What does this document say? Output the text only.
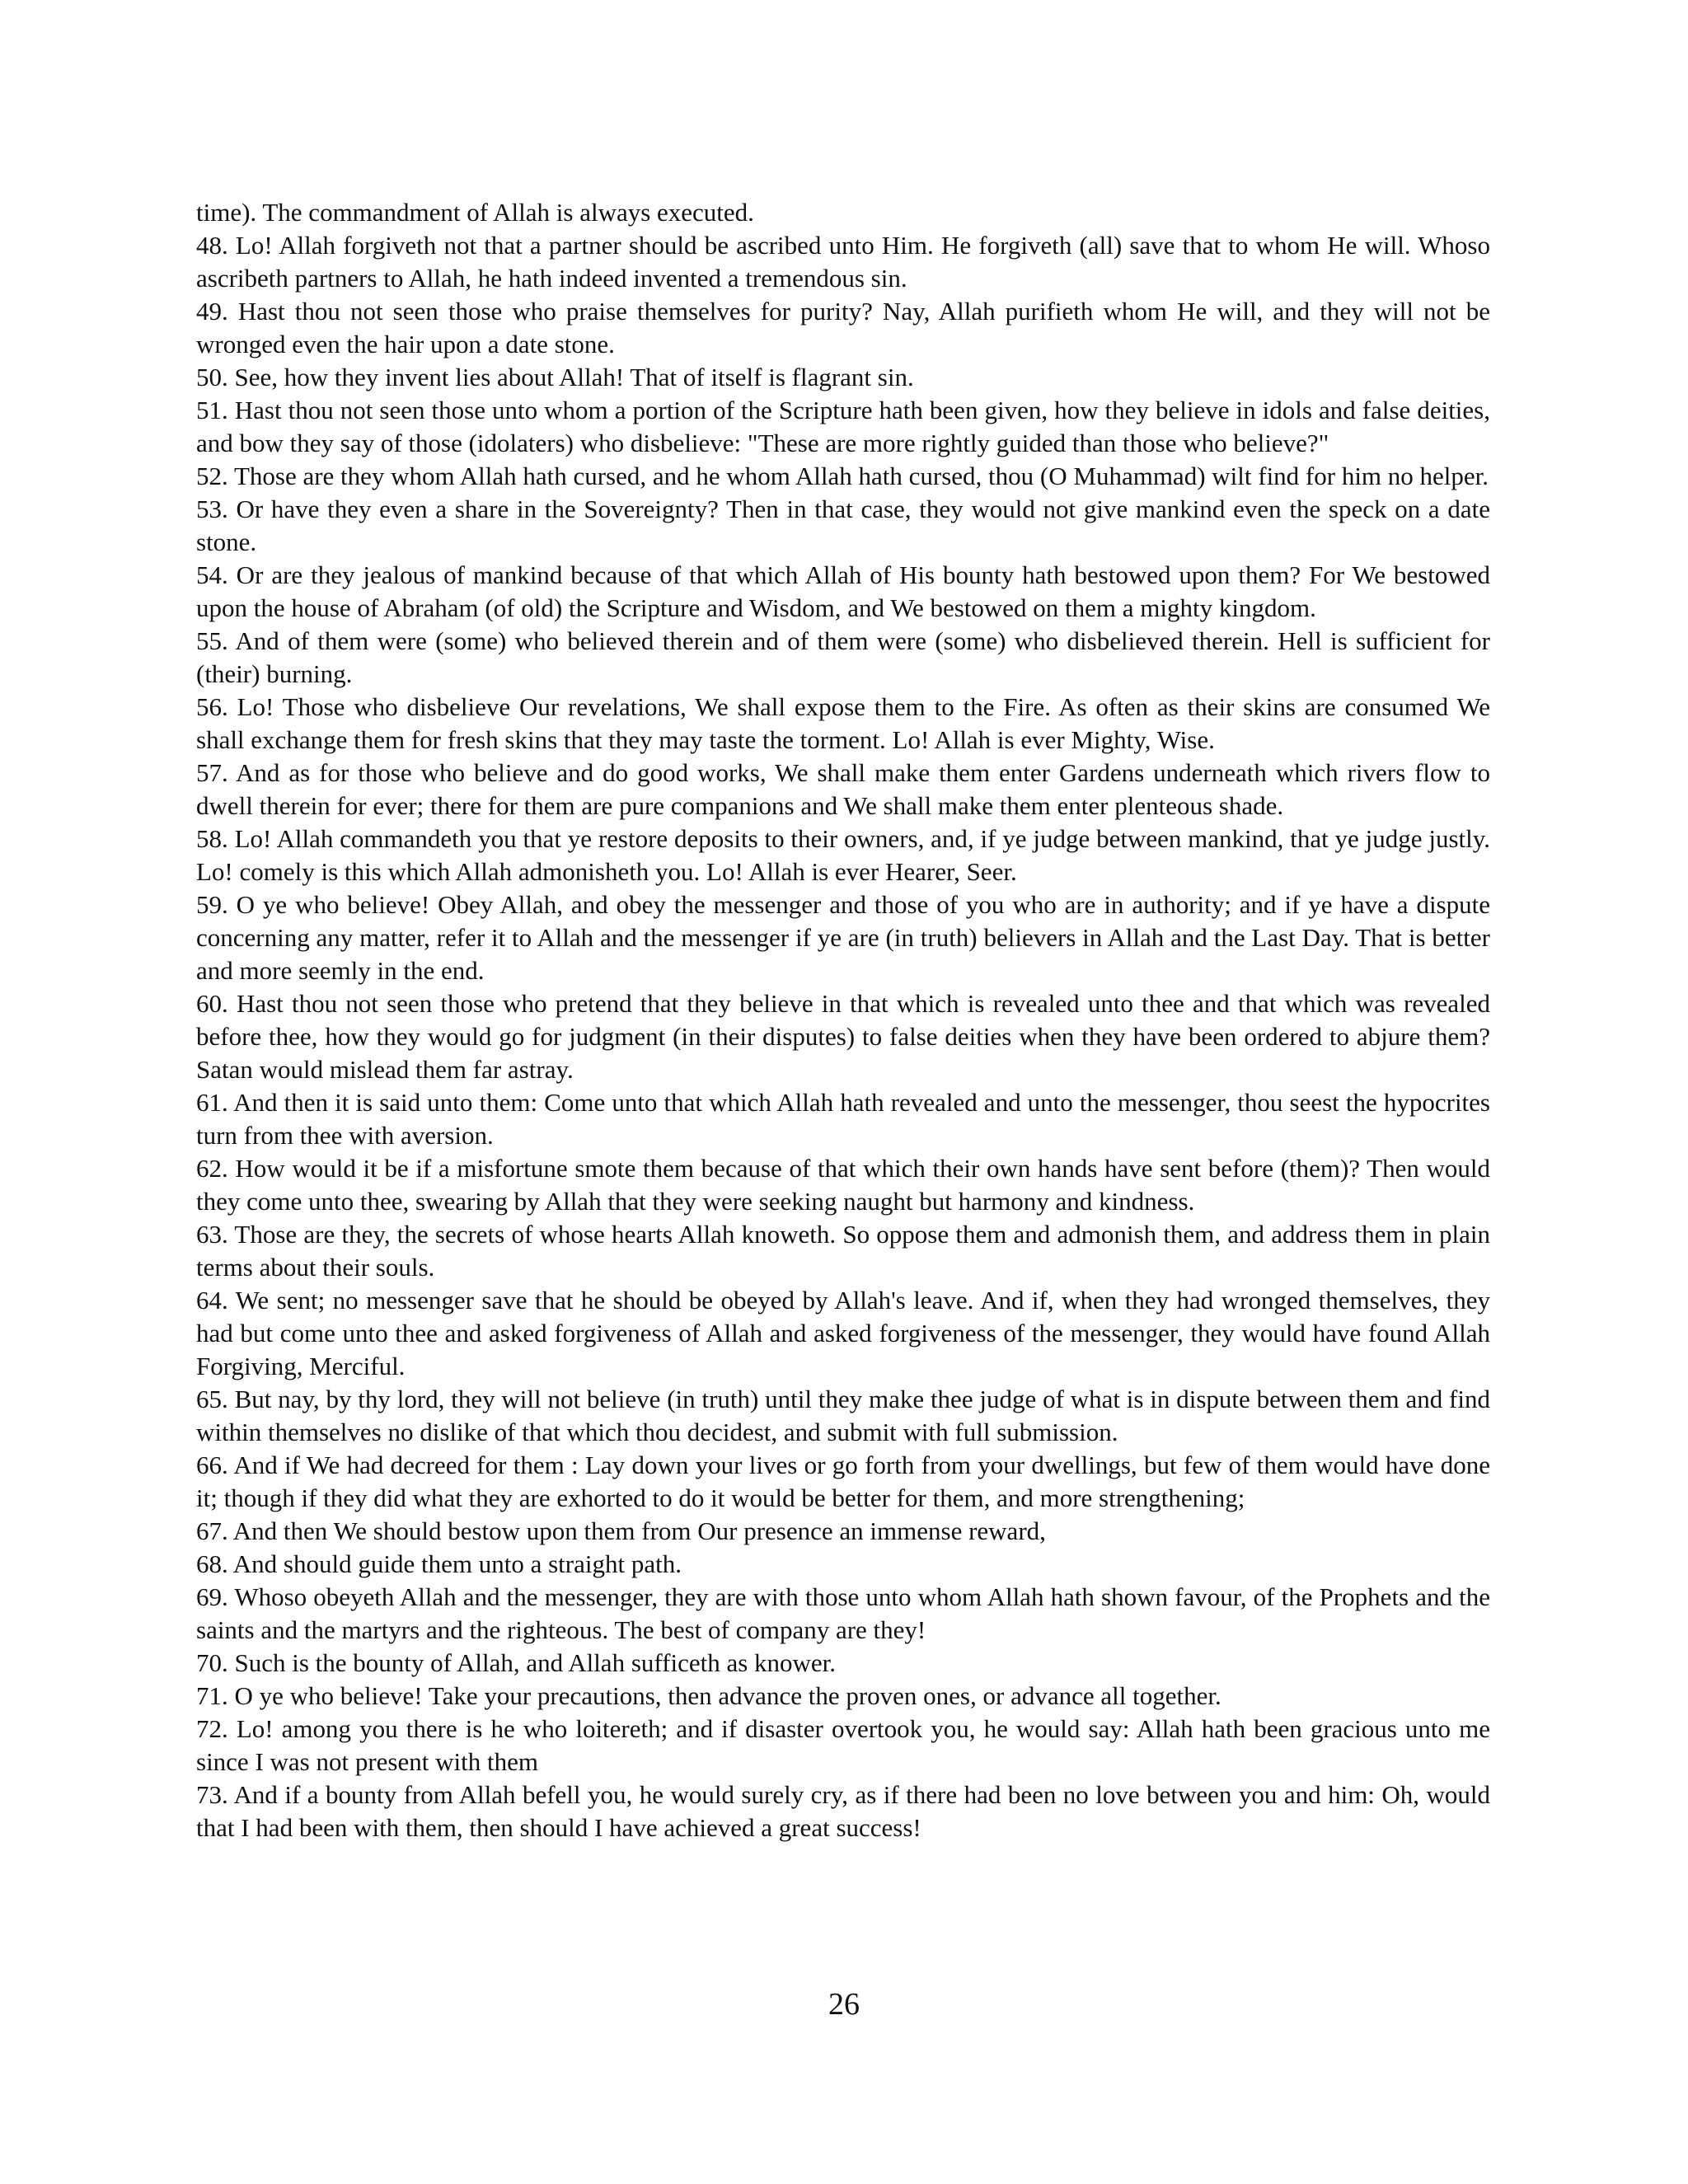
time). The commandment of Allah is always executed.

48. Lo! Allah forgiveth not that a partner should be ascribed unto Him. He forgiveth (all) save that to whom He will. Whoso ascribeth partners to Allah, he hath indeed invented a tremendous sin.

49. Hast thou not seen those who praise themselves for purity? Nay, Allah purifieth whom He will, and they will not be wronged even the hair upon a date stone.

50. See, how they invent lies about Allah! That of itself is flagrant sin.

51. Hast thou not seen those unto whom a portion of the Scripture hath been given, how they believe in idols and false deities, and bow they say of those (idolaters) who disbelieve: "These are more rightly guided than those who believe?"

52. Those are they whom Allah hath cursed, and he whom Allah hath cursed, thou (O Muhammad) wilt find for him no helper.

53. Or have they even a share in the Sovereignty? Then in that case, they would not give mankind even the speck on a date stone.

54. Or are they jealous of mankind because of that which Allah of His bounty hath bestowed upon them? For We bestowed upon the house of Abraham (of old) the Scripture and Wisdom, and We bestowed on them a mighty kingdom.

55. And of them were (some) who believed therein and of them were (some) who disbelieved therein. Hell is sufficient for (their) burning.

56. Lo! Those who disbelieve Our revelations, We shall expose them to the Fire. As often as their skins are consumed We shall exchange them for fresh skins that they may taste the torment. Lo! Allah is ever Mighty, Wise.

57. And as for those who believe and do good works, We shall make them enter Gardens underneath which rivers flow to dwell therein for ever; there for them are pure companions and We shall make them enter plenteous shade.

58. Lo! Allah commandeth you that ye restore deposits to their owners, and, if ye judge between mankind, that ye judge justly. Lo! comely is this which Allah admonisheth you. Lo! Allah is ever Hearer, Seer.

59. O ye who believe! Obey Allah, and obey the messenger and those of you who are in authority; and if ye have a dispute concerning any matter, refer it to Allah and the messenger if ye are (in truth) believers in Allah and the Last Day. That is better and more seemly in the end.

60. Hast thou not seen those who pretend that they believe in that which is revealed unto thee and that which was revealed before thee, how they would go for judgment (in their disputes) to false deities when they have been ordered to abjure them? Satan would mislead them far astray.

61. And then it is said unto them: Come unto that which Allah hath revealed and unto the messenger, thou seest the hypocrites turn from thee with aversion.

62. How would it be if a misfortune smote them because of that which their own hands have sent before (them)? Then would they come unto thee, swearing by Allah that they were seeking naught but harmony and kindness.

63. Those are they, the secrets of whose hearts Allah knoweth. So oppose them and admonish them, and address them in plain terms about their souls.

64. We sent; no messenger save that he should be obeyed by Allah's leave. And if, when they had wronged themselves, they had but come unto thee and asked forgiveness of Allah and asked forgiveness of the messenger, they would have found Allah Forgiving, Merciful.

65. But nay, by thy lord, they will not believe (in truth) until they make thee judge of what is in dispute between them and find within themselves no dislike of that which thou decidest, and submit with full submission.

66. And if We had decreed for them : Lay down your lives or go forth from your dwellings, but few of them would have done it; though if they did what they are exhorted to do it would be better for them, and more strengthening;

67. And then We should bestow upon them from Our presence an immense reward,

68. And should guide them unto a straight path.

69. Whoso obeyeth Allah and the messenger, they are with those unto whom Allah hath shown favour, of the Prophets and the saints and the martyrs and the righteous. The best of company are they!

70. Such is the bounty of Allah, and Allah sufficeth as knower.

71. O ye who believe! Take your precautions, then advance the proven ones, or advance all together.

72. Lo! among you there is he who loitereth; and if disaster overtook you, he would say: Allah hath been gracious unto me since I was not present with them

73. And if a bounty from Allah befell you, he would surely cry, as if there had been no love between you and him: Oh, would that I had been with them, then should I have achieved a great success!

26
